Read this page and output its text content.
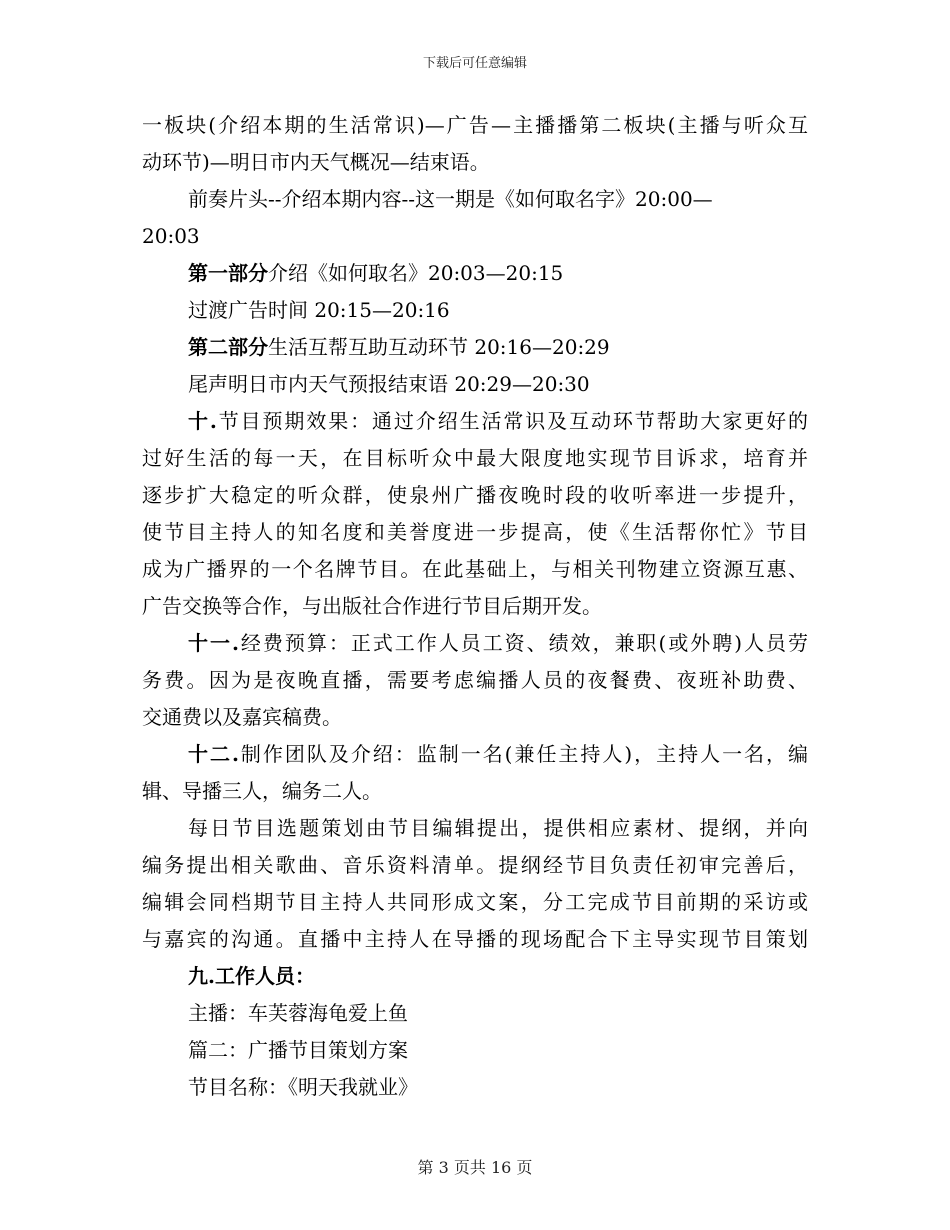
下载后可任意编辑
一板块(介绍本期的生活常识)—广告—主播播第二板块(主播与听众互
动环节)—明日市内天气概况—结束语。
前奏片头--介绍本期内容--这一期是《如何取名字》20:00—
20:03
第一部分介绍《如何取名》20:03—20:15
过渡广告时间 20:15—20:16
第二部分生活互帮互助互动环节 20:16—20:29
尾声明日市内天气预报结束语 20:29—20:30
十.节目预期效果：通过介绍生活常识及互动环节帮助大家更好的
过好生活的每一天，在目标听众中最大限度地实现节目诉求，培育并
逐步扩大稳定的听众群，使泉州广播夜晚时段的收听率进一步提升，
使节目主持人的知名度和美誉度进一步提高，使《生活帮你忙》节目
成为广播界的一个名牌节目。在此基础上，与相关刊物建立资源互惠、
广告交换等合作，与出版社合作进行节目后期开发。
十一.经费预算：正式工作人员工资、绩效，兼职(或外聘)人员劳
务费。因为是夜晚直播，需要考虑编播人员的夜餐费、夜班补助费、
交通费以及嘉宾稿费。
十二.制作团队及介绍：监制一名(兼任主持人)，主持人一名，编
辑、导播三人，编务二人。
每日节目选题策划由节目编辑提出，提供相应素材、提纲，并向
编务提出相关歌曲、音乐资料清单。提纲经节目负责任初审完善后，
编辑会同档期节目主持人共同形成文案，分工完成节目前期的采访或
与嘉宾的沟通。直播中主持人在导播的现场配合下主导实现节目策划
九.工作人员：
主播：车芙蓉海龟爱上鱼
篇二：广播节目策划方案
节目名称：《明天我就业》
第 3 页共 16 页
